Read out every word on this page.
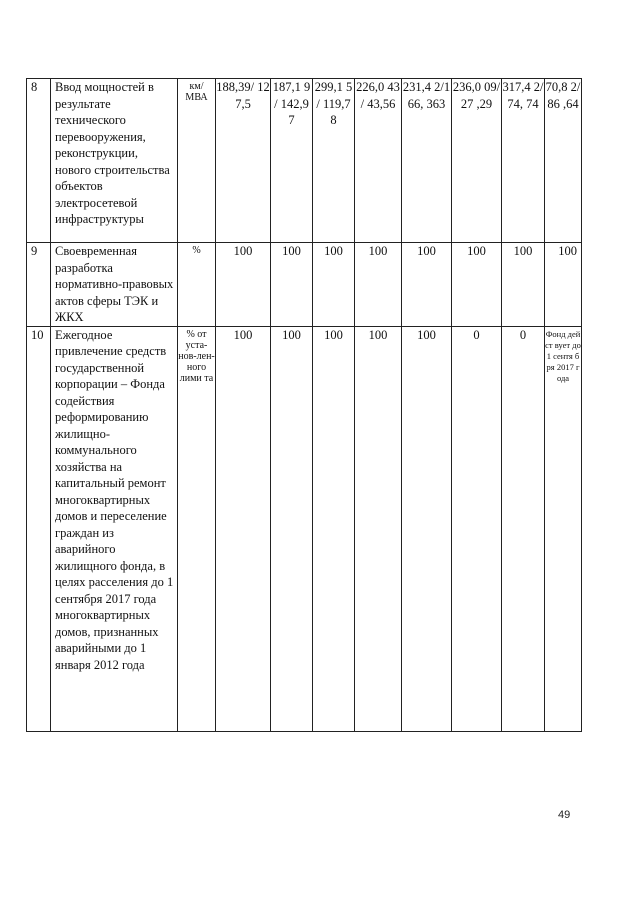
8	Ввод мощностей в результате технического перевооружения, реконструкции, нового строительства объектов электросетевой инфраструктуры	км/ МВА	188,39/ 127,5	187,1 9 / 142,9 7	299,1 5 / 119,7 8	226,0 43 / 43,56	231,4 2/166, 363	236,0 09/27 ,29	317,4 2/74, 74	70,8 2/86 ,64
9	Своевременная разработка нормативно-правовых актов сферы ТЭК и ЖКХ	%	100	100	100	100	100	100	100	100
10	Ежегодное привлечение средств государственной корпорации – Фонда содействия реформированию жилищно-коммунального хозяйства на капитальный ремонт многоквартирных домов и переселение граждан из аварийного жилищного фонда, в целях расселения до 1 сентября 2017 года многоквартирных домов, признанных аварийными до 1 января 2012 года	% от уста-нов-лен-ного лими та	100	100	100	100	100	0	0	Фонд дейст вует до 1 сентя б ря 2017 года
49
